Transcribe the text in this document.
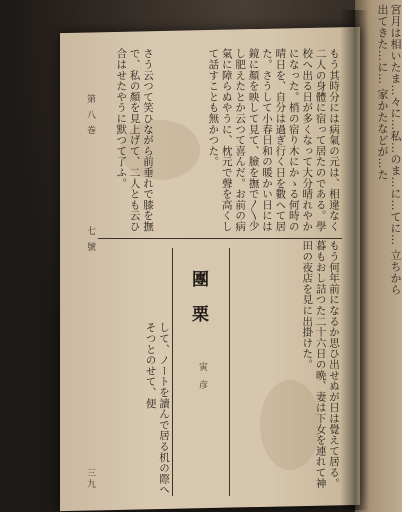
宮月は相いたま…々に…私…のま…に…てに… 立ちから出てきた…に… 家かたなどが…た
第 八 巻
七 號
もう其時分には病氣の元は、相違なく二人の身體に宿って居たのである。學校へ出る日が多くなって大分晴れやかになった。梢の宿り木にかゝる何時の晴日を、自分は過ぎ行く日を數へて居た。さうして小春日和の暖かい日には鏡に顏を映して見て、臉を撫で〳〵少し肥えたとか云つて喜んだ。お前の病氣に障らぬやうに、枕元で聲を高くして話すことも無かつた。
さう云つて笑ひながら前垂れで膝を撫で、私の顏を見上げて、二人とも云ひ合はせたやうに默つて了ふ。
もう何年前になるか思ひ出せぬが日は覺えて居る。暮もおし詰つた二十六日の晩、妻は下女を連れて神田の夜店を見に出掛けた。
團 栗
寅 彦
して、ノートを讀んで居る机の際へそつとのせて、便
三九
